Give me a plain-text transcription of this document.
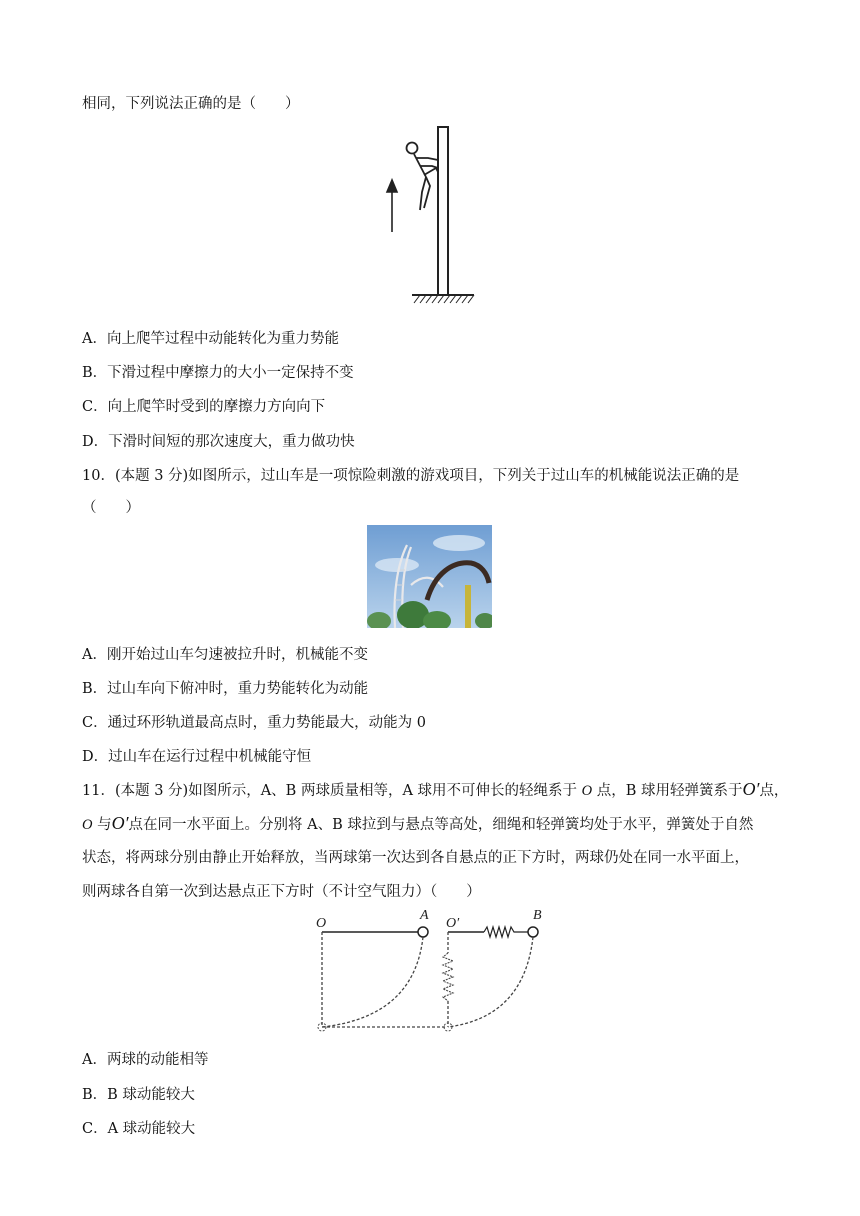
相同，下列说法正确的是（　　）
A．向上爬竿过程中动能转化为重力势能
B．下滑过程中摩擦力的大小一定保持不变
C．向上爬竿时受到的摩擦力方向向下
D．下滑时间短的那次速度大，重力做功快
10．(本题 3 分)如图所示，过山车是一项惊险刺激的游戏项目，下列关于过山车的机械能说法正确的是
（　　）
A．刚开始过山车匀速被拉升时，机械能不变
B．过山车向下俯冲时，重力势能转化为动能
C．通过环形轨道最高点时，重力势能最大，动能为 0
D．过山车在运行过程中机械能守恒
11．(本题 3 分)如图所示，A、B 两球质量相等，A 球用不可伸长的轻绳系于 O 点，B 球用轻弹簧系于O′点，
O 与O′点在同一水平面上。分别将 A、B 球拉到与悬点等高处，细绳和轻弹簧均处于水平，弹簧处于自然
状态，将两球分别由静止开始释放，当两球第一次达到各自悬点的正下方时，两球仍处在同一水平面上，
则两球各自第一次到达悬点正下方时（不计空气阻力）（　　）
O
A
O′
B
A．两球的动能相等
B．B 球动能较大
C．A 球动能较大
